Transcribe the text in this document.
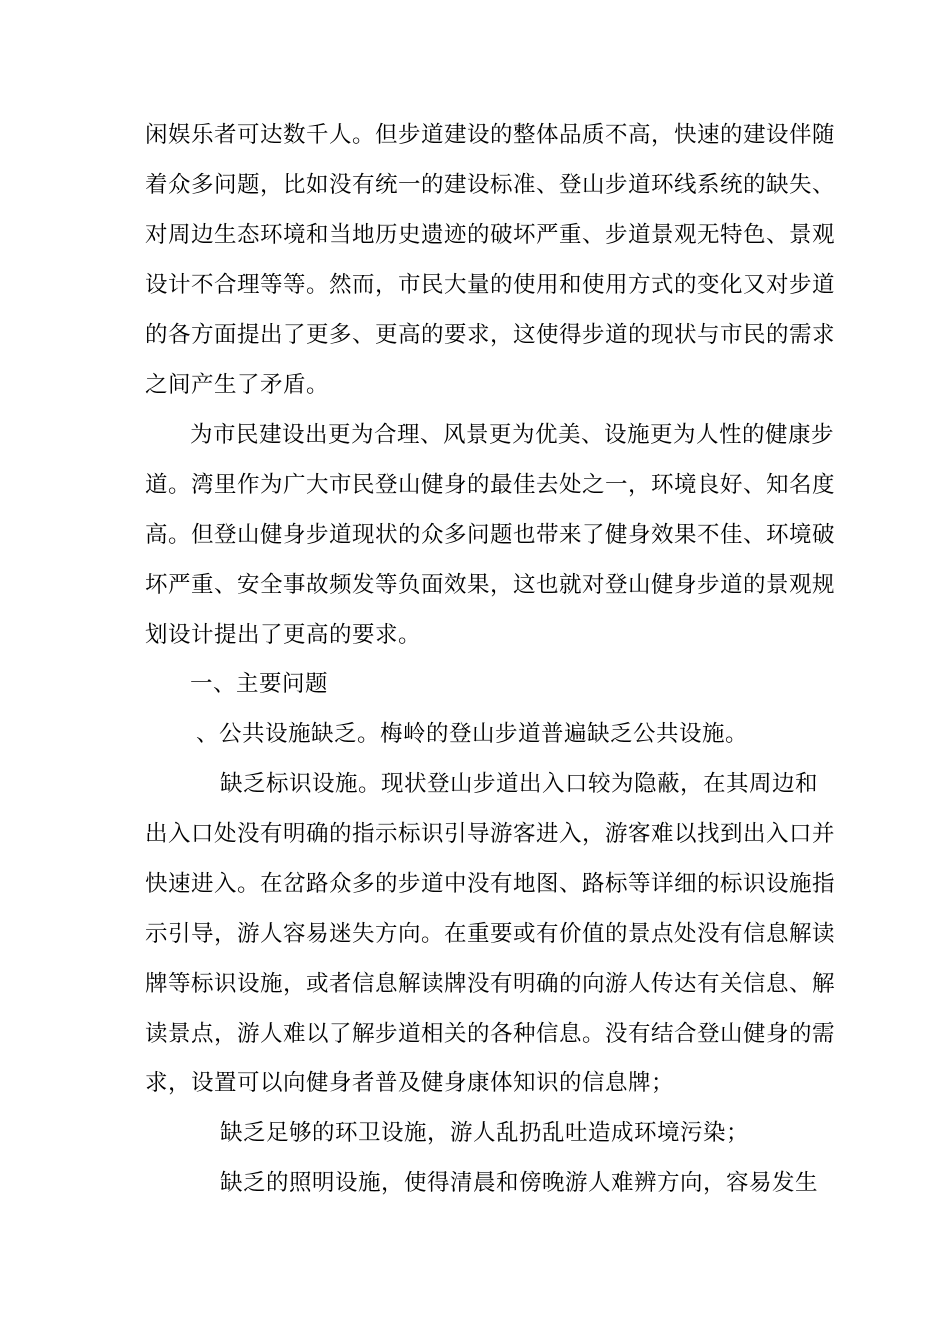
闲娱乐者可达数千人。但步道建设的整体品质不高，快速的建设伴随
着众多问题，比如没有统一的建设标准、登山步道环线系统的缺失、
对周边生态环境和当地历史遗迹的破坏严重、步道景观无特色、景观
设计不合理等等。然而，市民大量的使用和使用方式的变化又对步道
的各方面提出了更多、更高的要求，这使得步道的现状与市民的需求
之间产生了矛盾。
为市民建设出更为合理、风景更为优美、设施更为人性的健康步
道。湾里作为广大市民登山健身的最佳去处之一，环境良好、知名度
高。但登山健身步道现状的众多问题也带来了健身效果不佳、环境破
坏严重、安全事故频发等负面效果，这也就对登山健身步道的景观规
划设计提出了更高的要求。
一、主要问题
、公共设施缺乏。梅岭的登山步道普遍缺乏公共设施。
缺乏标识设施。现状登山步道出入口较为隐蔽，在其周边和
出入口处没有明确的指示标识引导游客进入，游客难以找到出入口并
快速进入。在岔路众多的步道中没有地图、路标等详细的标识设施指
示引导，游人容易迷失方向。在重要或有价值的景点处没有信息解读
牌等标识设施，或者信息解读牌没有明确的向游人传达有关信息、解
读景点，游人难以了解步道相关的各种信息。没有结合登山健身的需
求，设置可以向健身者普及健身康体知识的信息牌；
缺乏足够的环卫设施，游人乱扔乱吐造成环境污染；
缺乏的照明设施，使得清晨和傍晚游人难辨方向，容易发生
